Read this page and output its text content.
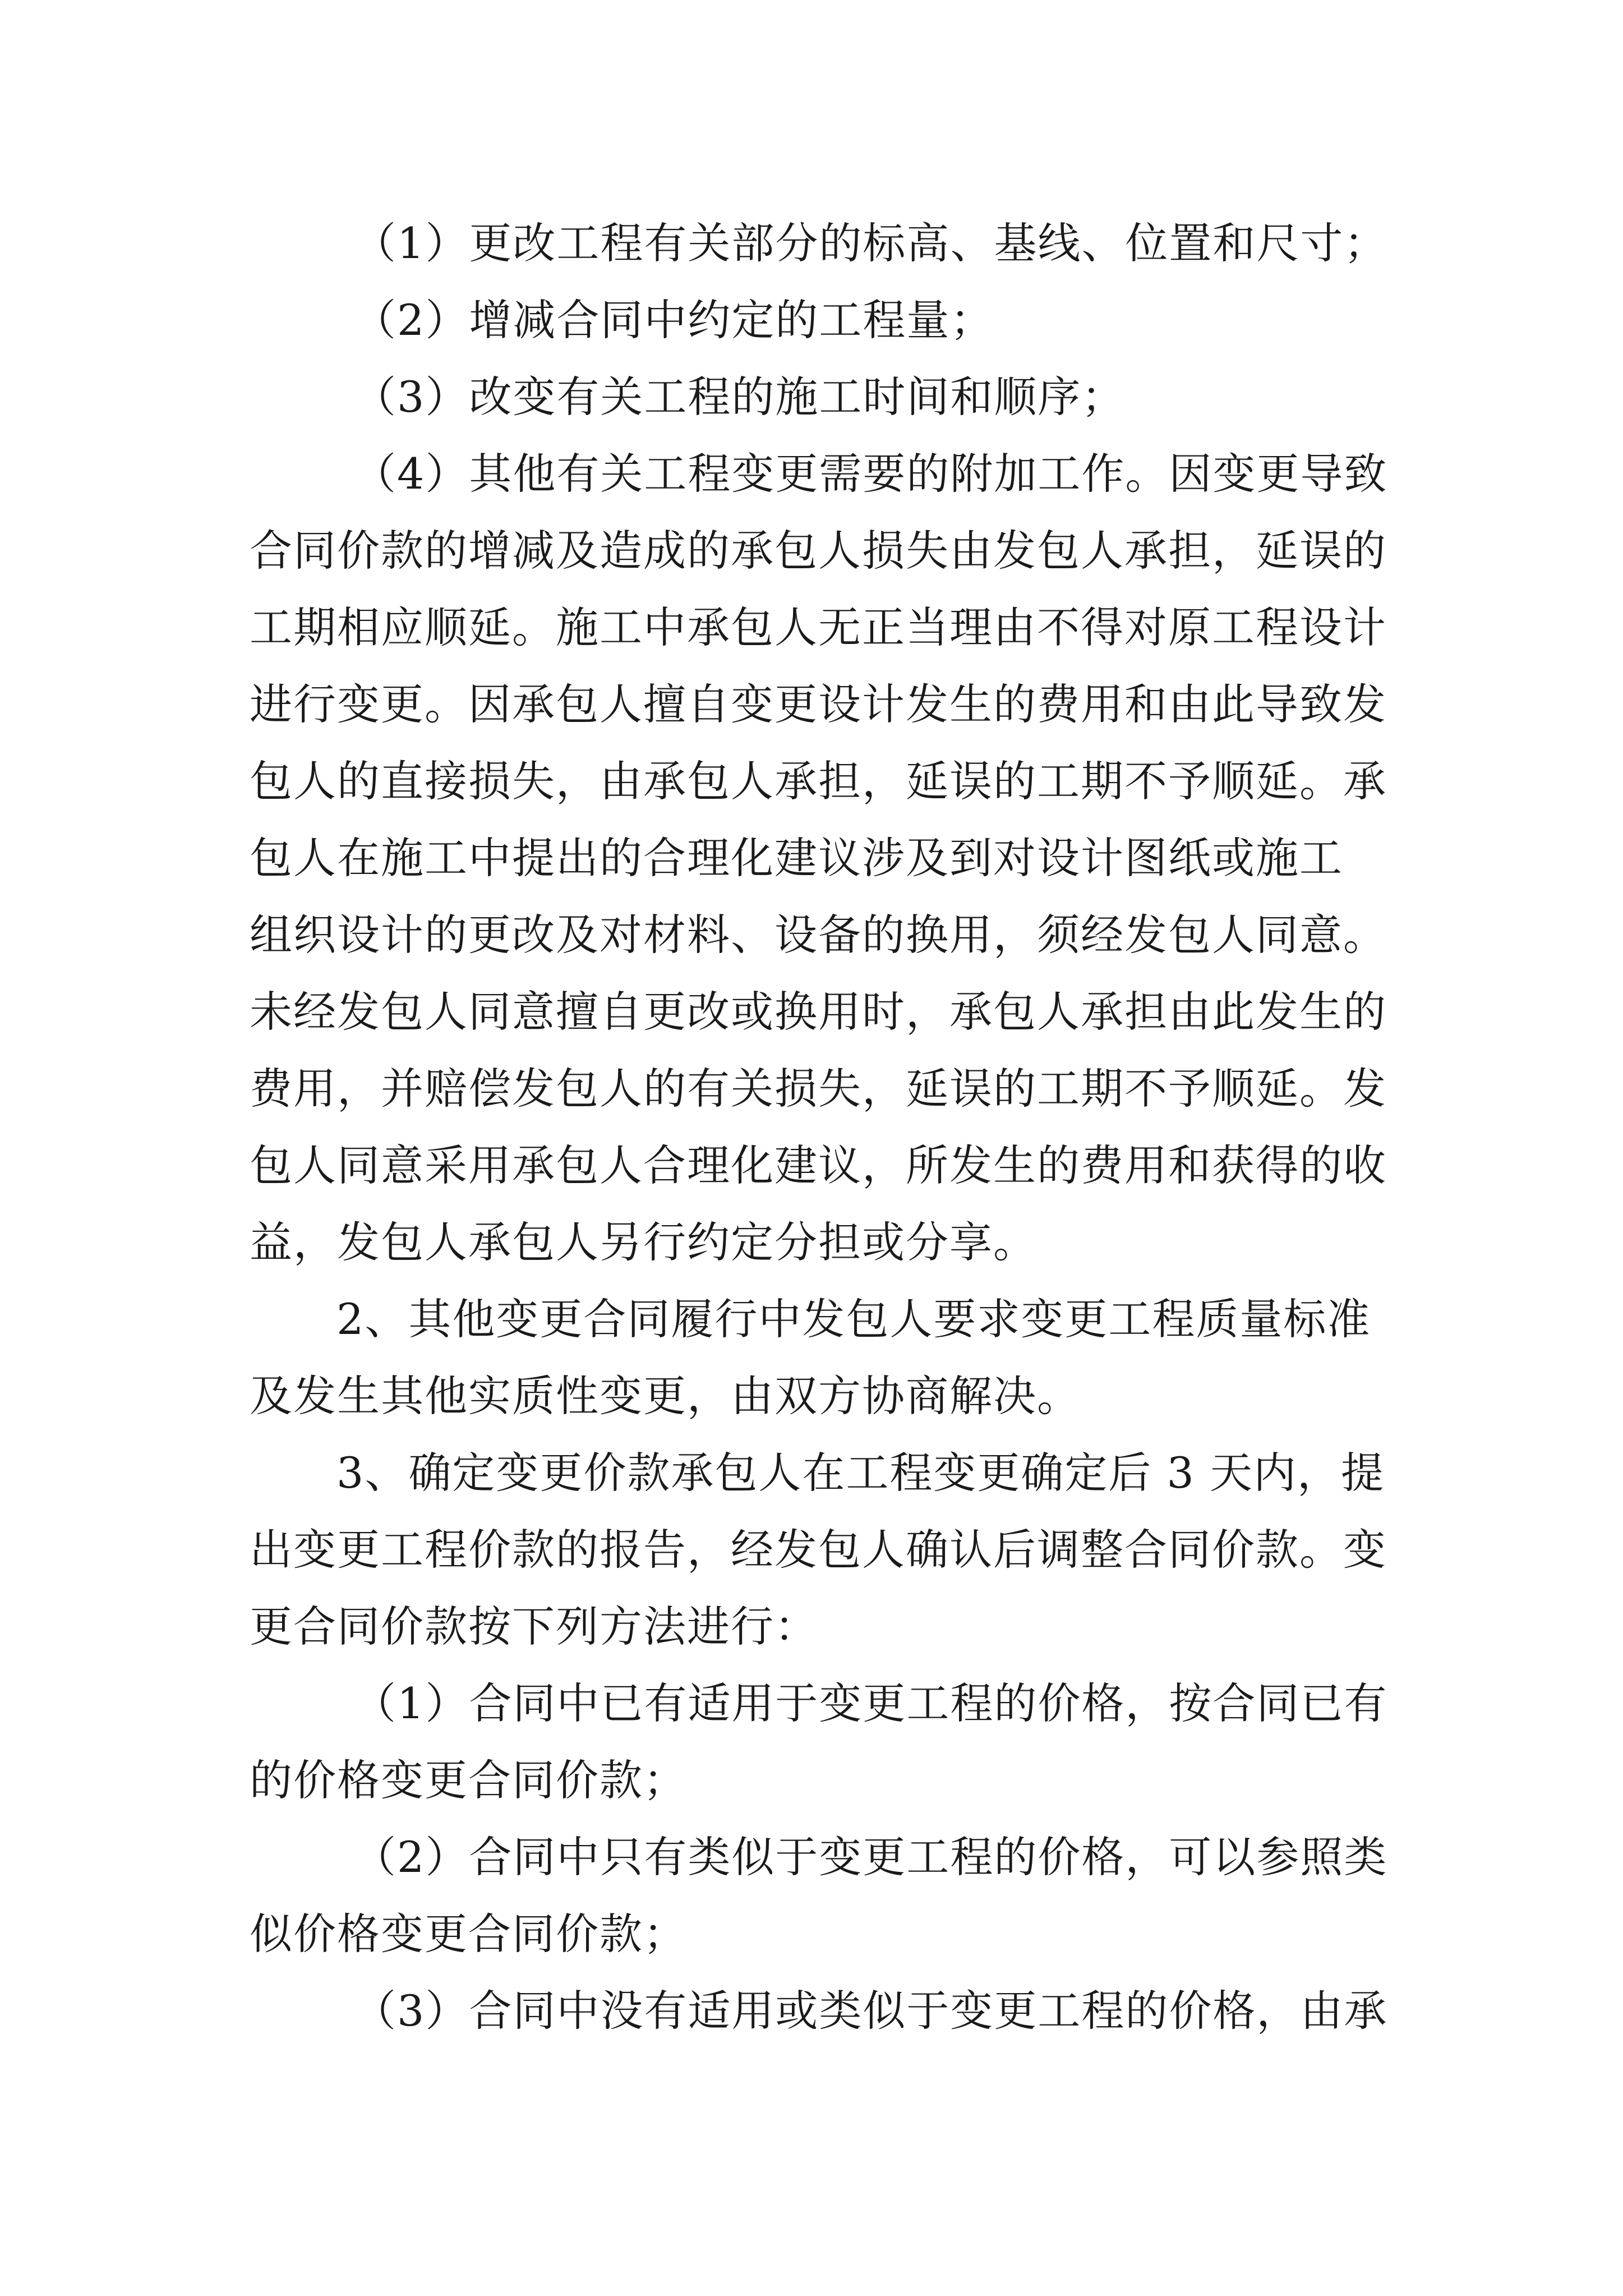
（1）更改工程有关部分的标高、基线、位置和尺寸；
（2）增减合同中约定的工程量；
（3）改变有关工程的施工时间和顺序；
（4）其他有关工程变更需要的附加工作。因变更导致
合同价款的增减及造成的承包人损失由发包人承担，延误的
工期相应顺延。施工中承包人无正当理由不得对原工程设计
进行变更。因承包人擅自变更设计发生的费用和由此导致发
包人的直接损失，由承包人承担，延误的工期不予顺延。承
包人在施工中提出的合理化建议涉及到对设计图纸或施工
组织设计的更改及对材料、设备的换用，须经发包人同意。
未经发包人同意擅自更改或换用时，承包人承担由此发生的
费用，并赔偿发包人的有关损失，延误的工期不予顺延。发
包人同意采用承包人合理化建议，所发生的费用和获得的收
益，发包人承包人另行约定分担或分享。
2、其他变更合同履行中发包人要求变更工程质量标准
及发生其他实质性变更，由双方协商解决。
3、确定变更价款承包人在工程变更确定后 3 天内，提
出变更工程价款的报告，经发包人确认后调整合同价款。变
更合同价款按下列方法进行：
（1）合同中已有适用于变更工程的价格，按合同已有
的价格变更合同价款；
（2）合同中只有类似于变更工程的价格，可以参照类
似价格变更合同价款；
（3）合同中没有适用或类似于变更工程的价格，由承
